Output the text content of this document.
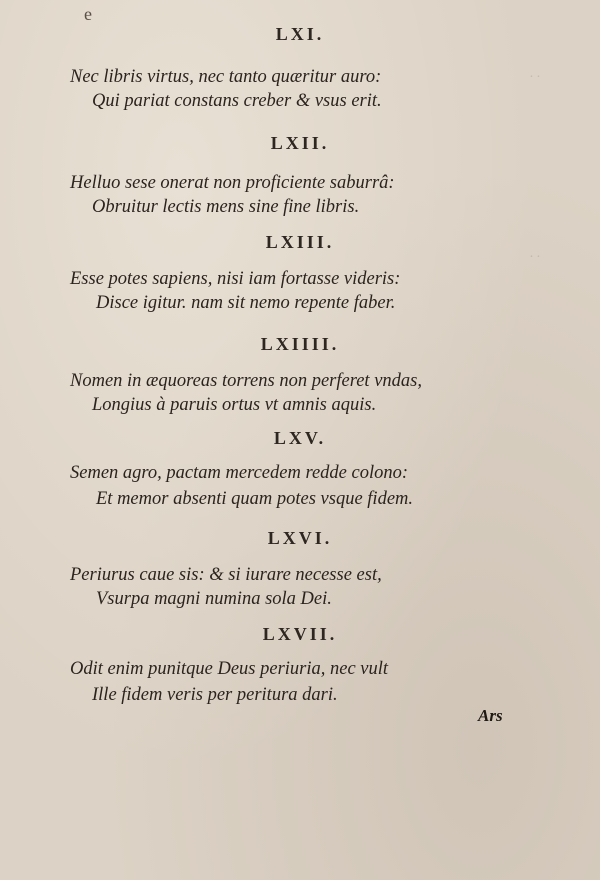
e
· ·
· ·
LXI.
Nec libris virtus, nec tanto quæritur auro:
Qui pariat constans creber & vsus erit.
LXII.
Helluo sese onerat non proficiente saburrâ:
Obruitur lectis mens sine fine libris.
LXIII.
Esse potes sapiens, nisi iam fortasse videris:
Disce igitur. nam sit nemo repente faber.
LXIIII.
Nomen in æquoreas torrens non perferet vndas,
Longius à paruis ortus vt amnis aquis.
LXV.
Semen agro, pactam mercedem redde colono:
Et memor absenti quam potes vsque fidem.
LXVI.
Periurus caue sis: & si iurare necesse est,
Vsurpa magni numina sola Dei.
LXVII.
Odit enim punitque Deus periuria, nec vult
Ille fidem veris per peritura dari.
Ars
